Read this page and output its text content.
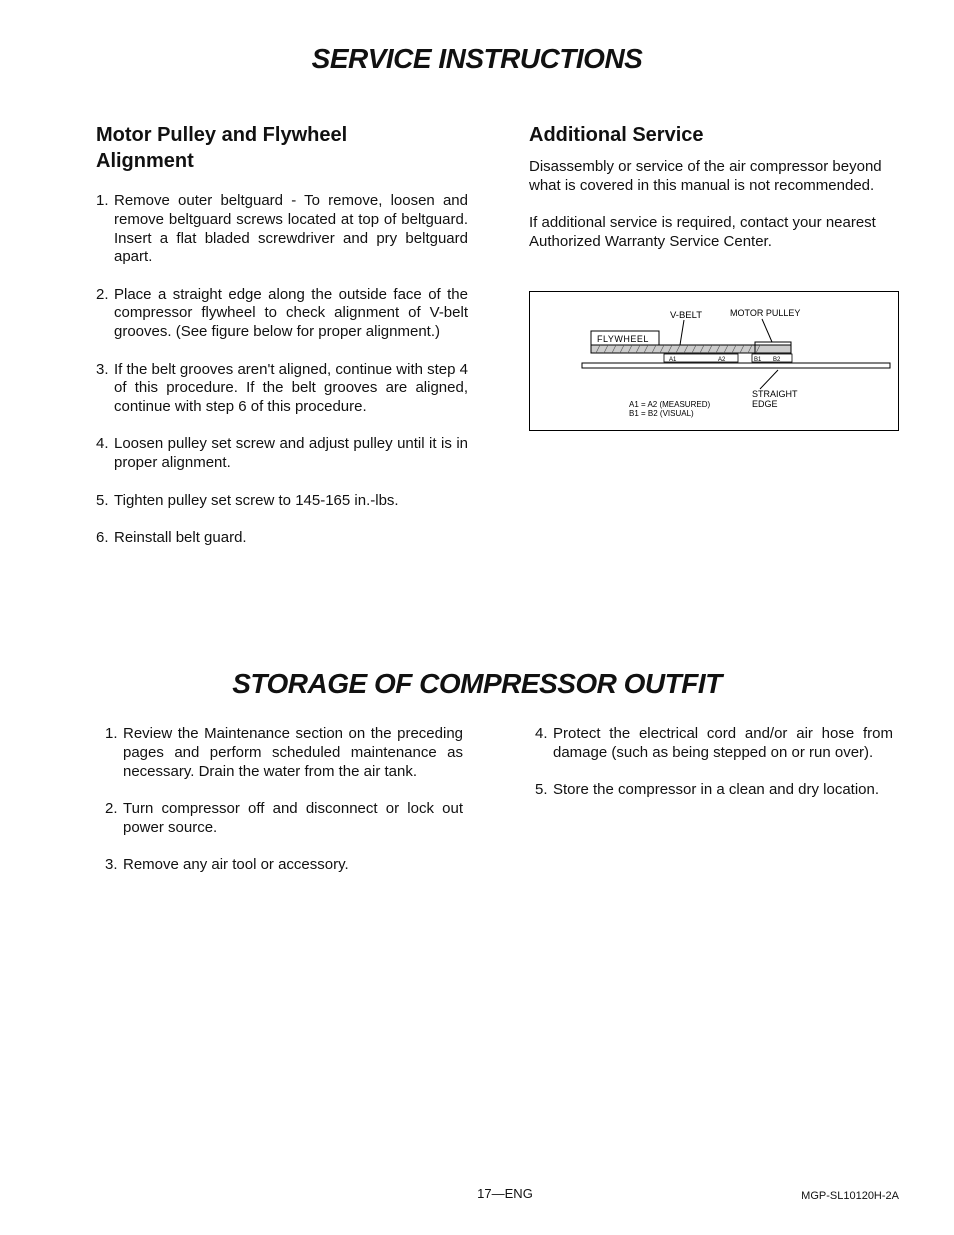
SERVICE INSTRUCTIONS
Motor Pulley and Flywheel Alignment
1. Remove outer beltguard - To remove, loosen and remove beltguard screws located at top of beltguard. Insert a flat bladed screwdriver and pry beltguard apart.
2. Place a straight edge along the outside face of the compressor flywheel to check alignment of V-belt grooves. (See figure below for proper alignment.)
3. If the belt grooves aren't aligned, continue with step 4 of this procedure. If the belt grooves are aligned, continue with step 6 of this procedure.
4. Loosen pulley set screw and adjust pulley until it is in proper alignment.
5. Tighten pulley set screw to 145-165 in.-lbs.
6. Reinstall belt guard.
Additional Service

Disassembly or service of the air compressor beyond what is covered in this manual is not recommended.

If additional service is required, contact your nearest Authorized Warranty Service Center.

FLYWHEEL
A1	A2	B1 B2
V-BELT	MOTOR PULLEY
STRAIGHT
EDGE
A1 = A2 (MEASURED)
B1 = B2 (VISUAL)
STORAGE OF COMPRESSOR OUTFIT
1. Review the Maintenance section on the preceding pages and perform scheduled maintenance as necessary. Drain the water from the air tank.
2. Turn compressor off and disconnect or lock out power source.
3. Remove any air tool or accessory.
4. Protect the electrical cord and/or air hose from damage (such as being stepped on or run over).
5. Store the compressor in a clean and dry location.
17—ENG	MGP-SL10120H-2A
